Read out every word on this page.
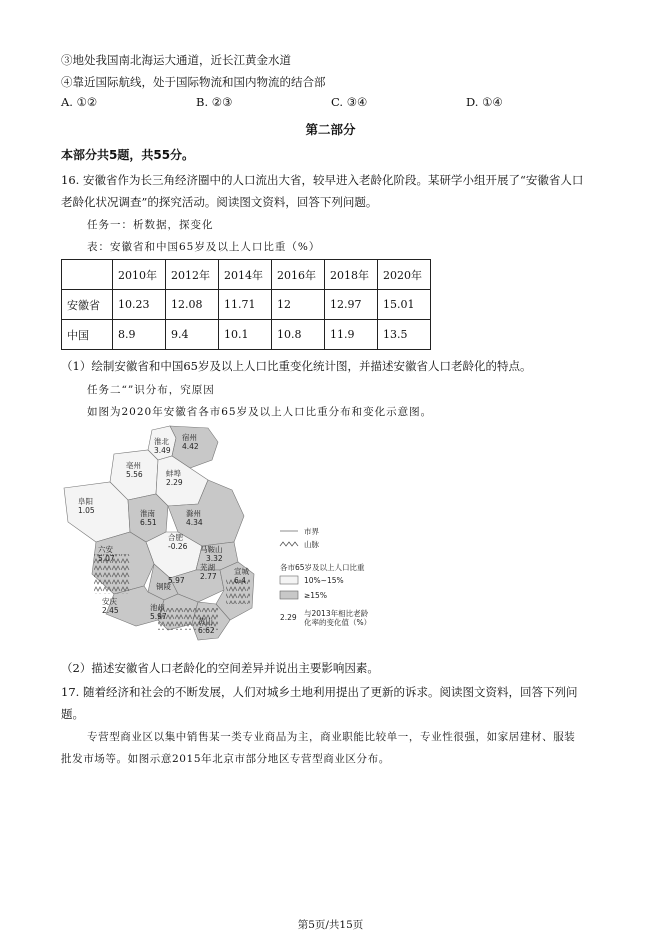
③地处我国南北海运大通道，近长江黄金水道
④靠近国际航线，处于国际物流和国内物流的结合部
A. ①②	B. ②③	C. ③④	D. ①④
第二部分
本部分共5题，共55分。
16. 安徽省作为长三角经济圈中的人口流出大省，较早进入老龄化阶段。某研学小组开展了“安徽省人口
老龄化状况调查”的探究活动。阅读图文资料，回答下列问题。
任务一：析数据，探变化
表：安徽省和中国65岁及以上人口比重（%）
	2010年	2012年	2014年	2016年	2018年	2020年
安徽省	10.23	12.08	11.71	12	12.97	15.01
中国	8.9	9.4	10.1	10.8	11.9	13.5
（1）绘制安徽省和中国65岁及以上人口比重变化统计图，并描述安徽省人口老龄化的特点。
任务二“”识分布，究原因
如图为2020年安徽省各市65岁及以上人口比重分布和变化示意图。
淮北
3.49
宿州
4.42
亳州
5.56	蚌埠
2.29
阜阳
1.05	淮南
6.51
滁州
4.34
合肥
-0.26
六安
5.07
马鞍山
3.32
芜湖
2.77
宣城
6.4
铜陵
5.97
安庆
2.45	池州
5.97
黄山
6.62
市界
山脉
各市65岁及以上人口比重
10%~15%
≥15%
2.29 与2013年相比老龄
化率的变化值（%）
（2）描述安徽省人口老龄化的空间差异并说出主要影响因素。
17. 随着经济和社会的不断发展，人们对城乡土地利用提出了更新的诉求。阅读图文资料，回答下列问
题。
专营型商业区以集中销售某一类专业商品为主，商业职能比较单一，专业性很强，如家居建材、服装
批发市场等。如图示意2015年北京市部分地区专营型商业区分布。
第5页/共15页
